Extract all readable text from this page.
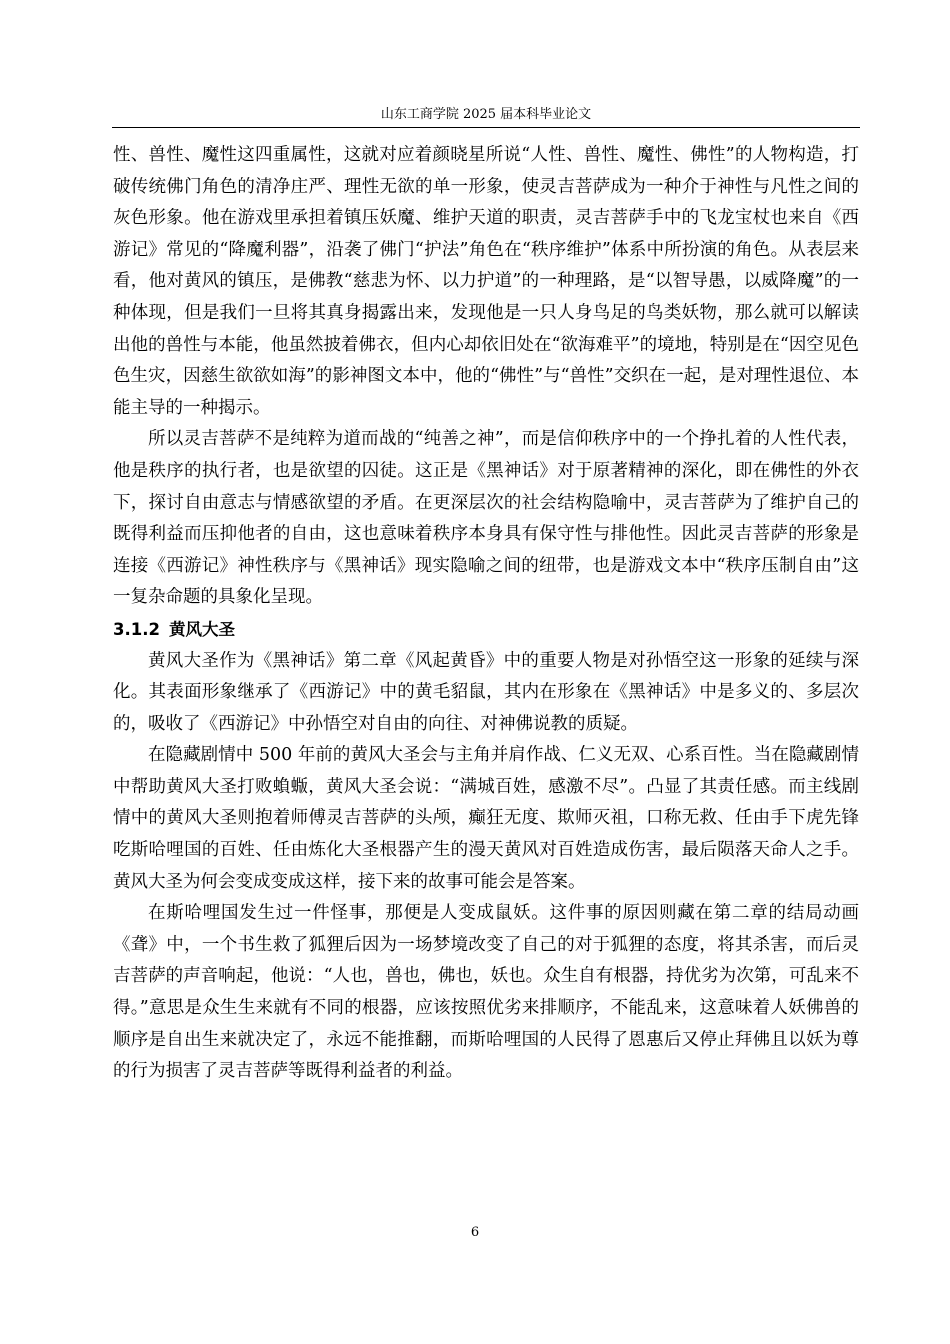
山东工商学院 2025 届本科毕业论文

性、兽性、魔性这四重属性，这就对应着颜晓星所说“人性、兽性、魔性、佛性”的人物构造，打破传统佛门角色的清净庄严、理性无欲的单一形象，使灵吉菩萨成为一种介于神性与凡性之间的灰色形象。他在游戏里承担着镇压妖魔、维护天道的职责，灵吉菩萨手中的飞龙宝杖也来自《西游记》常见的“降魔利器”，沿袭了佛门“护法”角色在“秩序维护”体系中所扮演的角色。从表层来看，他对黄风的镇压，是佛教“慈悲为怀、以力护道”的一种理路，是“以智导愚，以威降魔”的一种体现，但是我们一旦将其真身揭露出来，发现他是一只人身鸟足的鸟类妖物，那么就可以解读出他的兽性与本能，他虽然披着佛衣，但内心却依旧处在“欲海难平”的境地，特别是在“因空见色色生灾，因慈生欲欲如海”的影神图文本中，他的“佛性”与“兽性”交织在一起，是对理性退位、本能主导的一种揭示。

所以灵吉菩萨不是纯粹为道而战的“纯善之神”，而是信仰秩序中的一个挣扎着的人性代表，他是秩序的执行者，也是欲望的囚徒。这正是《黑神话》对于原著精神的深化，即在佛性的外衣下，探讨自由意志与情感欲望的矛盾。在更深层次的社会结构隐喻中，灵吉菩萨为了维护自己的既得利益而压抑他者的自由，这也意味着秩序本身具有保守性与排他性。因此灵吉菩萨的形象是连接《西游记》神性秩序与《黑神话》现实隐喻之间的纽带，也是游戏文本中“秩序压制自由”这一复杂命题的具象化呈现。

3.1.2 黄风大圣

黄风大圣作为《黑神话》第二章《风起黄昏》中的重要人物是对孙悟空这一形象的延续与深化。其表面形象继承了《西游记》中的黄毛貂鼠，其内在形象在《黑神话》中是多义的、多层次的，吸收了《西游记》中孙悟空对自由的向往、对神佛说教的质疑。

在隐藏剧情中 500 年前的黄风大圣会与主角并肩作战、仁义无双、心系百性。当在隐藏剧情中帮助黄风大圣打败蝜蝂，黄风大圣会说：“满城百姓，感激不尽”。凸显了其责任感。而主线剧情中的黄风大圣则抱着师傅灵吉菩萨的头颅，癫狂无度、欺师灭祖，口称无救、任由手下虎先锋吃斯哈哩国的百姓、任由炼化大圣根器产生的漫天黄风对百姓造成伤害，最后陨落天命人之手。 黄风大圣为何会变成变成这样，接下来的故事可能会是答案。

在斯哈哩国发生过一件怪事，那便是人变成鼠妖。这件事的原因则藏在第二章的结局动画《聋》中，一个书生救了狐狸后因为一场梦境改变了自己的对于狐狸的态度，将其杀害，而后灵吉菩萨的声音响起，他说：“人也，兽也，佛也，妖也。众生自有根器，持优劣为次第，可乱来不得。”意思是众生生来就有不同的根器，应该按照优劣来排顺序，不能乱来，这意味着人妖佛兽的顺序是自出生来就决定了，永远不能推翻，而斯哈哩国的人民得了恩惠后又停止拜佛且以妖为尊的行为损害了灵吉菩萨等既得利益者的利益。

6
